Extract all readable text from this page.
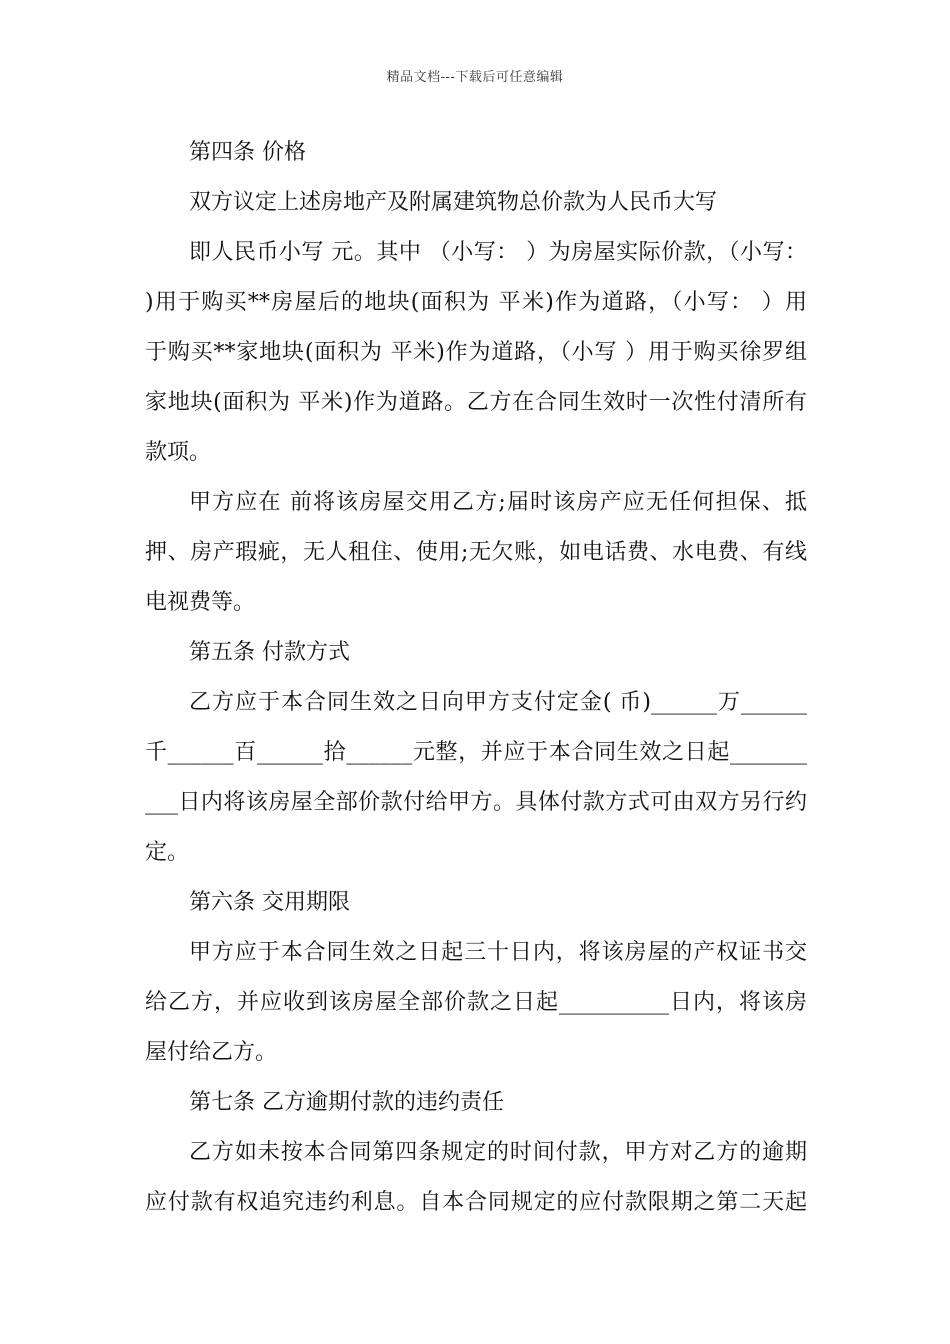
精品文档---下载后可任意编辑
第四条 价格
双方议定上述房地产及附属建筑物总价款为人民币大写
即人民币小写 元。其中 （小写： ）为房屋实际价款，（小写：
)用于购买**房屋后的地块(面积为 平米)作为道路，（小写： ）用
于购买**家地块(面积为 平米)作为道路，（小写 ）用于购买徐罗组
家地块(面积为 平米)作为道路。乙方在合同生效时一次性付清所有
款项。
甲方应在 前将该房屋交用乙方;届时该房产应无任何担保、抵
押、房产瑕疵，无人租住、使用;无欠账，如电话费、水电费、有线
电视费等。
第五条 付款方式
乙方应于本合同生效之日向甲方支付定金( 币)______万______
千______百______拾______元整，并应于本合同生效之日起_______
___日内将该房屋全部价款付给甲方。具体付款方式可由双方另行约
定。
第六条 交用期限
甲方应于本合同生效之日起三十日内，将该房屋的产权证书交
给乙方，并应收到该房屋全部价款之日起__________日内，将该房
屋付给乙方。
第七条 乙方逾期付款的违约责任
乙方如未按本合同第四条规定的时间付款，甲方对乙方的逾期
应付款有权追究违约利息。自本合同规定的应付款限期之第二天起
